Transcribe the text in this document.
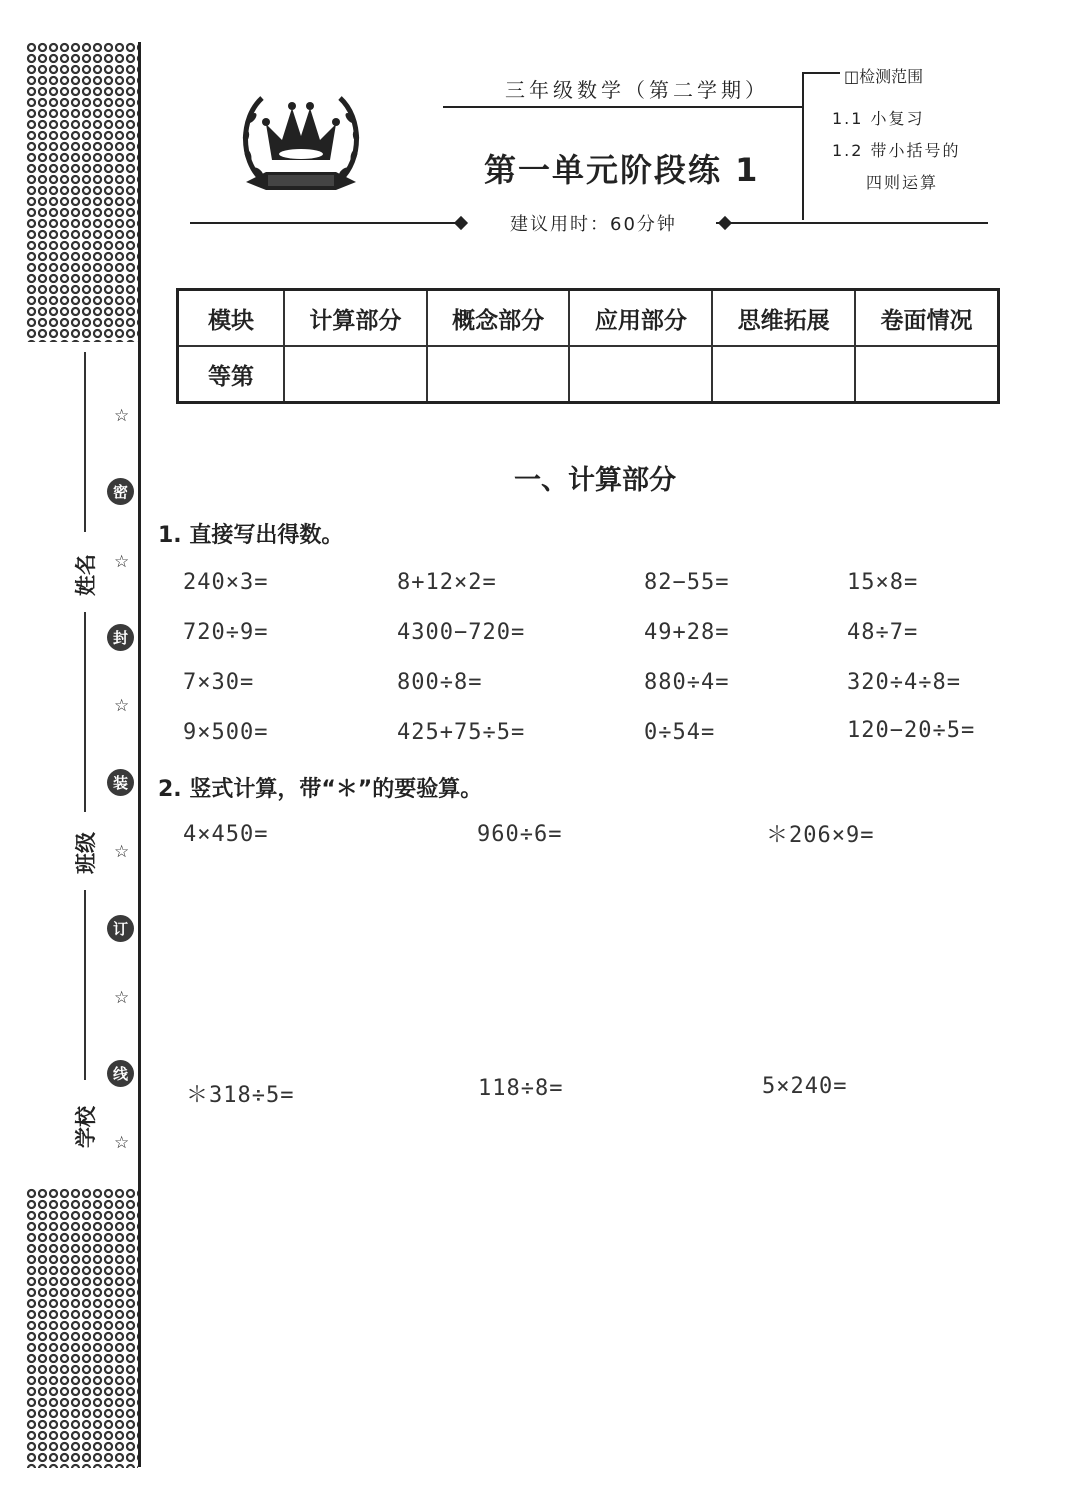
姓名
班级
学校
☆
密
☆
封
☆
装
☆
订
☆
线
☆
三年级数学（第二学期）
第一单元阶段练 1
建议用时：60分钟
◫检测范围
1.1 小复习
1.2 带小括号的
四则运算
模块	计算部分	概念部分	应用部分	思维拓展	卷面情况
等第					
一、计算部分
1. 直接写出得数。
240×3=	8+12×2=	82−55=	15×8=
720÷9=	4300−720=	49+28=	48÷7=
7×30=	800÷8=	880÷4=	320÷4÷8=
9×500=	425+75÷5=	0÷54=	120−20÷5=
2. 竖式计算，带“＊”的要验算。
4×450=	960÷6=	＊206×9=
＊318÷5=	118÷8=	5×240=
